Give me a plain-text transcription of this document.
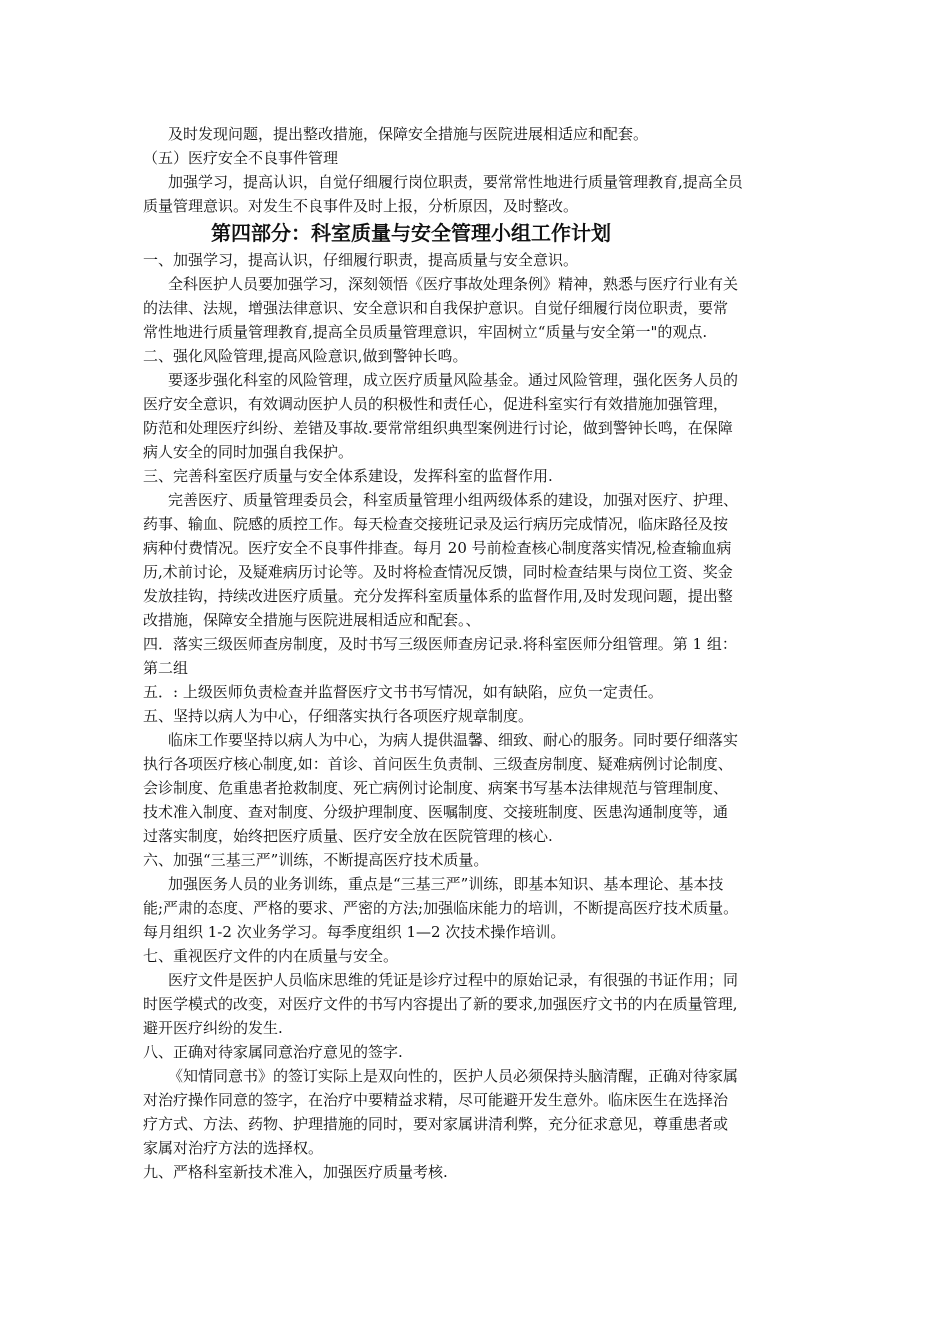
及时发现问题，提出整改措施，保障安全措施与医院进展相适应和配套。

（五）医疗安全不良事件管理

加强学习，提高认识，自觉仔细履行岗位职责，要常常性地进行质量管理教育,提高全员

质量管理意识。对发生不良事件及时上报，分析原因，及时整改。

第四部分：科室质量与安全管理小组工作计划

一、加强学习，提高认识，仔细履行职责，提高质量与安全意识。

全科医护人员要加强学习，深刻领悟《医疗事故处理条例》精神，熟悉与医疗行业有关

的法律、法规，增强法律意识、安全意识和自我保护意识。自觉仔细履行岗位职责，要常

常性地进行质量管理教育,提高全员质量管理意识，牢固树立“质量与安全第一"的观点.

二、强化风险管理,提高风险意识,做到警钟长鸣。

要逐步强化科室的风险管理，成立医疗质量风险基金。通过风险管理，强化医务人员的

医疗安全意识，有效调动医护人员的积极性和责任心，促进科室实行有效措施加强管理，

防范和处理医疗纠纷、差错及事故.要常常组织典型案例进行讨论，做到警钟长鸣，在保障

病人安全的同时加强自我保护。

三、完善科室医疗质量与安全体系建设，发挥科室的监督作用.

完善医疗、质量管理委员会，科室质量管理小组两级体系的建设，加强对医疗、护理、

药事、输血、院感的质控工作。每天检查交接班记录及运行病历完成情况，临床路径及按

病种付费情况。医疗安全不良事件排查。每月 20 号前检查核心制度落实情况,检查输血病

历,术前讨论，及疑难病历讨论等。及时将检查情况反馈，同时检查结果与岗位工资、奖金

发放挂钩，持续改进医疗质量。充分发挥科室质量体系的监督作用,及时发现问题，提出整

改措施，保障安全措施与医院进展相适应和配套。、

四．落实三级医师查房制度，及时书写三级医师查房记录.将科室医师分组管理。第 1 组：

第二组

五．: 上级医师负责检查并监督医疗文书书写情况，如有缺陷，应负一定责任。

五、坚持以病人为中心，仔细落实执行各项医疗规章制度。

临床工作要坚持以病人为中心，为病人提供温馨、细致、耐心的服务。同时要仔细落实

执行各项医疗核心制度,如：首诊、首问医生负责制、三级查房制度、疑难病例讨论制度、

会诊制度、危重患者抢救制度、死亡病例讨论制度、病案书写基本法律规范与管理制度、

技术准入制度、查对制度、分级护理制度、医嘱制度、交接班制度、医患沟通制度等，通

过落实制度，始终把医疗质量、医疗安全放在医院管理的核心.

六、加强“三基三严”训练，不断提高医疗技术质量。

加强医务人员的业务训练，重点是“三基三严”训练，即基本知识、基本理论、基本技

能;严肃的态度、严格的要求、严密的方法;加强临床能力的培训，不断提高医疗技术质量。

每月组织 1-2 次业务学习。每季度组织 1—2 次技术操作培训。

七、重视医疗文件的内在质量与安全。

医疗文件是医护人员临床思维的凭证是诊疗过程中的原始记录，有很强的书证作用；同

时医学模式的改变，对医疗文件的书写内容提出了新的要求,加强医疗文书的内在质量管理,

避开医疗纠纷的发生.

八、正确对待家属同意治疗意见的签字.

《知情同意书》的签订实际上是双向性的，医护人员必须保持头脑清醒，正确对待家属

对治疗操作同意的签字，在治疗中要精益求精，尽可能避开发生意外。临床医生在选择治

疗方式、方法、药物、护理措施的同时，要对家属讲清利弊，充分征求意见，尊重患者或

家属对治疗方法的选择权。

九、严格科室新技术准入，加强医疗质量考核.
